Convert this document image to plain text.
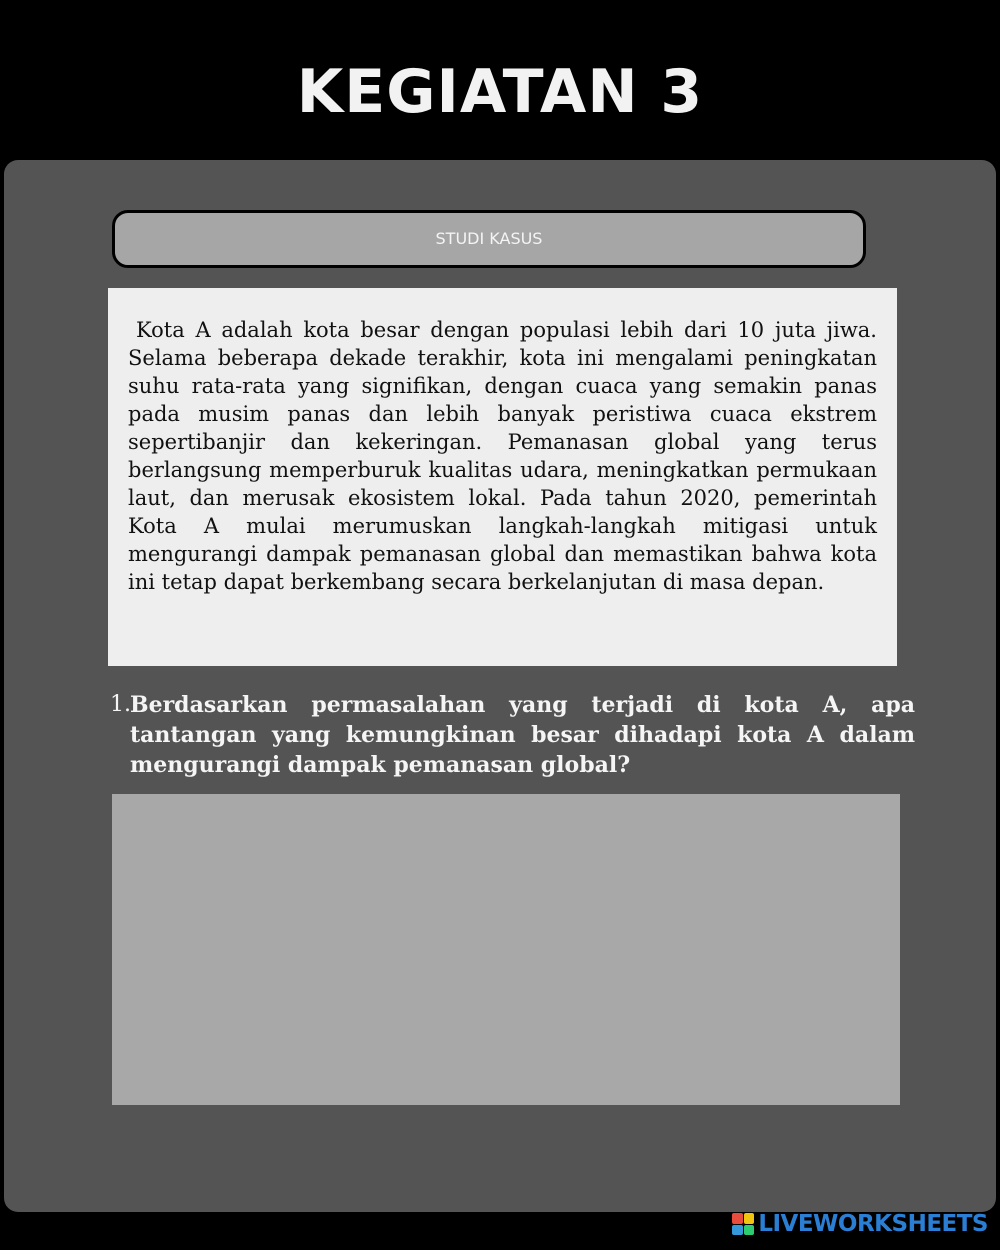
KEGIATAN 3
STUDI KASUS

Kota A adalah kota besar dengan populasi lebih dari 10 juta jiwa. Selama beberapa dekade terakhir, kota ini mengalami peningkatan suhu rata-rata yang signifikan, dengan cuaca yang semakin panas pada musim panas dan lebih banyak peristiwa cuaca ekstrem sepertibanjir dan kekeringan. Pemanasan global yang terus berlangsung memperburuk kualitas udara, meningkatkan permukaan laut, dan merusak ekosistem lokal. Pada tahun 2020, pemerintah Kota A mulai merumuskan langkah-langkah mitigasi untuk mengurangi dampak pemanasan global dan memastikan bahwa kota ini tetap dapat berkembang secara berkelanjutan di masa depan.

1. Berdasarkan permasalahan yang terjadi di kota A, apa tantangan yang kemungkinan besar dihadapi kota A dalam mengurangi dampak pemanasan global?
LIVEWORKSHEETS
